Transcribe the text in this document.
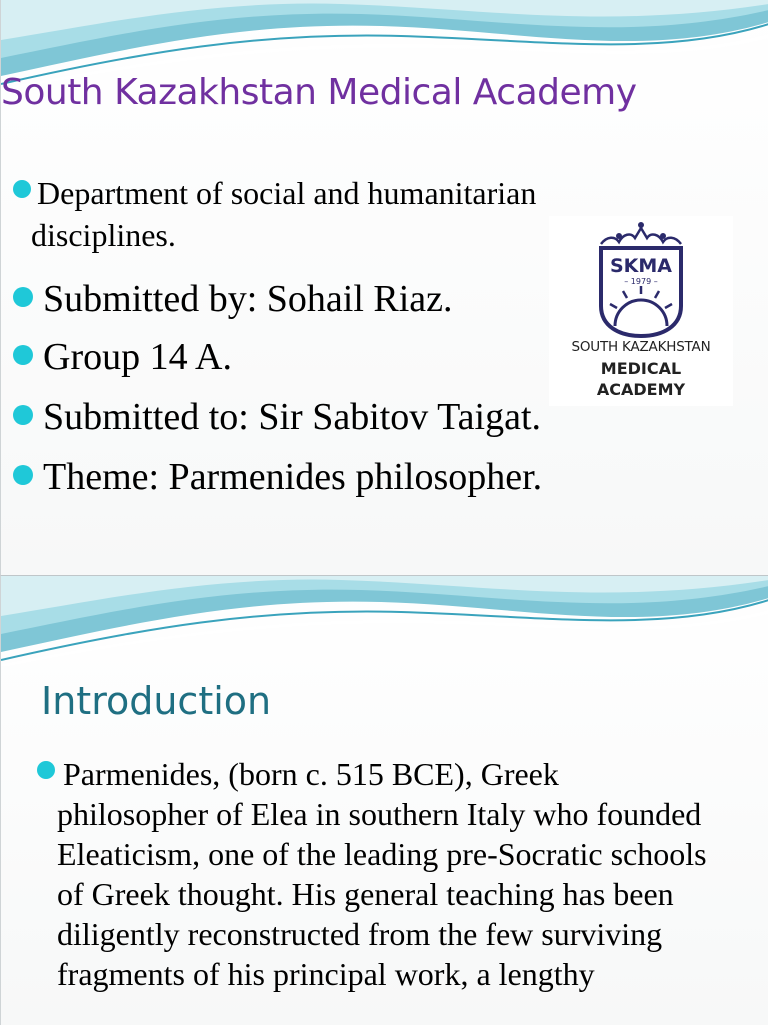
South Kazakhstan Medical Academy
Department of social and humanitarian
disciplines.
Submitted by: Sohail Riaz.
Group 14 A.
Submitted to: Sir Sabitov Taigat.
Theme: Parmenides philosopher.
SKMA
– 1979 –
SOUTH KAZAKHSTAN
MEDICAL
ACADEMY
Introduction
Parmenides, (born c. 515 BCE), Greek
philosopher of Elea in southern Italy who founded Eleaticism, one of the leading pre-Socratic schools of Greek thought. His general teaching has been diligently reconstructed from the few surviving fragments of his principal work, a lengthy
